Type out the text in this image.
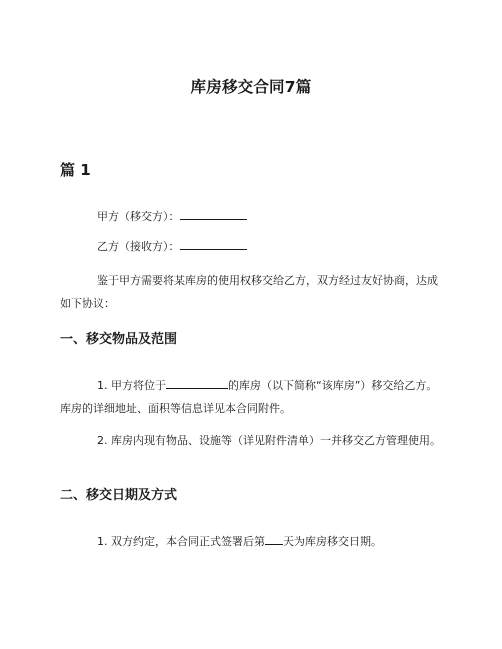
库房移交合同7篇
篇 1
甲方（移交方）：
乙方（接收方）：

鉴于甲方需要将某库房的使用权移交给乙方，双方经过友好协商，达成如下协议：

一、移交物品及范围

1. 甲方将位于	的库房（以下简称“该库房”）移交给乙方。库房的详细地址、面积等信息详见本合同附件。

2. 库房内现有物品、设施等（详见附件清单）一并移交乙方管理使用。

二、移交日期及方式

1. 双方约定，本合同正式签署后第 天为库房移交日期。
